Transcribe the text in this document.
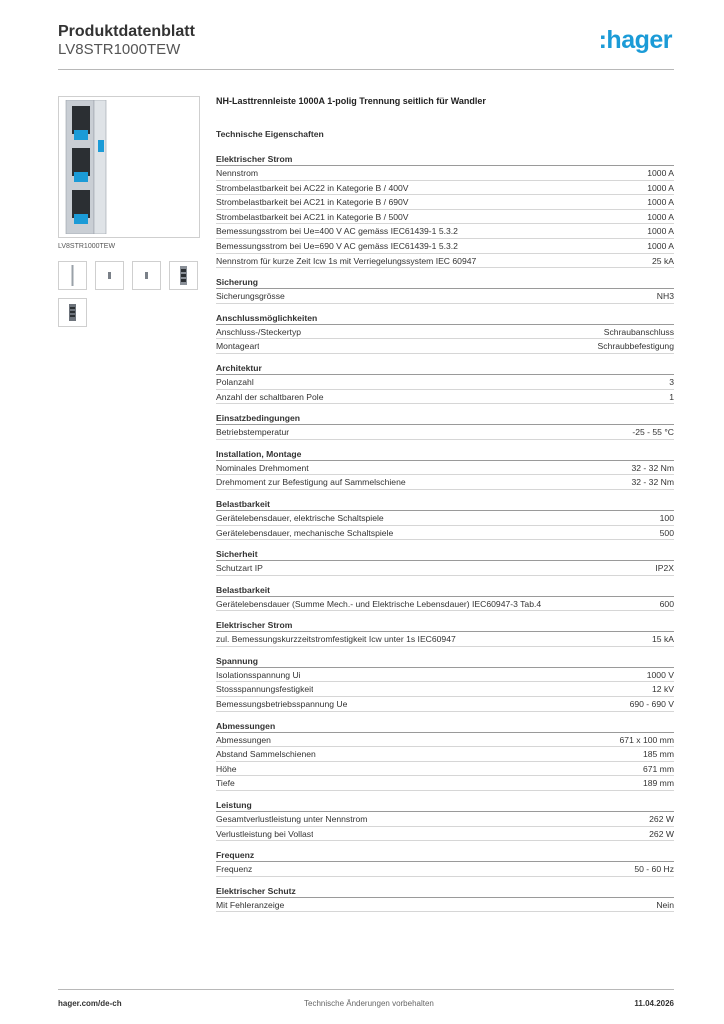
Produktdatenblatt
LV8STR1000TEW	:hager
LV8STR1000TEW
NH-Lasttrennleiste 1000A 1-polig Trennung seitlich für Wandler
Technische Eigenschaften
Elektrischer Strom
Nennstrom	1000 A
Strombelastbarkeit bei AC22 in Kategorie B / 400V	1000 A
Strombelastbarkeit bei AC21 in Kategorie B / 690V	1000 A
Strombelastbarkeit bei AC21 in Kategorie B / 500V	1000 A
Bemessungsstrom bei Ue=400 V AC gemäss IEC61439-1 5.3.2	1000 A
Bemessungsstrom bei Ue=690 V AC gemäss IEC61439-1 5.3.2	1000 A
Nennstrom für kurze Zeit Icw 1s mit Verriegelungssystem IEC 60947	25 kA
Sicherung
Sicherungsgrösse	NH3
Anschlussmöglichkeiten
Anschluss-/Steckertyp	Schraubanschluss
Montageart	Schraubbefestigung
Architektur
Polanzahl	3
Anzahl der schaltbaren Pole	1
Einsatzbedingungen
Betriebstemperatur	-25 - 55 °C
Installation, Montage
Nominales Drehmoment	32 - 32 Nm
Drehmoment zur Befestigung auf Sammelschiene	32 - 32 Nm
Belastbarkeit
Gerätelebensdauer, elektrische Schaltspiele	100
Gerätelebensdauer, mechanische Schaltspiele	500
Sicherheit
Schutzart IP	IP2X
Belastbarkeit
Gerätelebensdauer (Summe Mech.- und Elektrische Lebensdauer) IEC60947-3 Tab.4	600
Elektrischer Strom
zul. Bemessungskurzzeitstromfestigkeit Icw unter 1s IEC60947	15 kA
Spannung
Isolationsspannung Ui	1000 V
Stossspannungsfestigkeit	12 kV
Bemessungsbetriebsspannung Ue	690 - 690 V
Abmessungen
Abmessungen	671 x 100 mm
Abstand Sammelschienen	185 mm
Höhe	671 mm
Tiefe	189 mm
Leistung
Gesamtverlustleistung unter Nennstrom	262 W
Verlustleistung bei Vollast	262 W
Frequenz
Frequenz	50 - 60 Hz
Elektrischer Schutz
Mit Fehleranzeige	Nein
hager.com/de-ch	Technische Änderungen vorbehalten	11.04.2026
